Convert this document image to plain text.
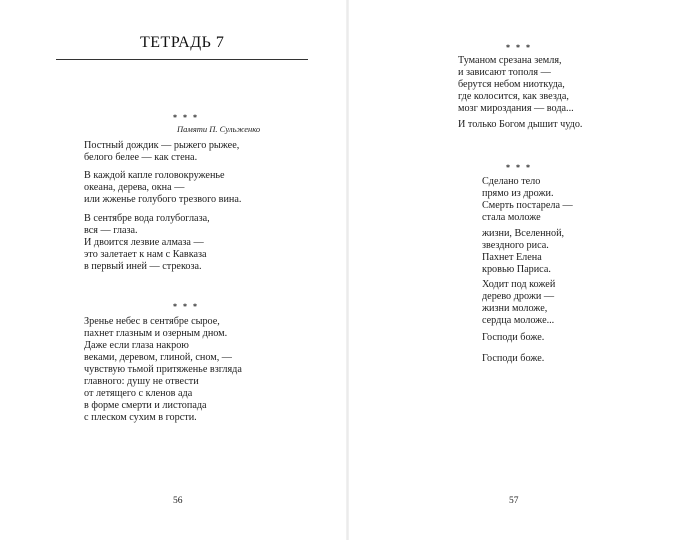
ТЕТРАДЬ 7
* * *
Памяти П. Сульженко

Постный дождик — рыжего рыжее,
белого белее — как стена.

В каждой капле головокруженье
океана, дерева, окна —
или жженье голубого трезвого вина.

В сентябре вода голубоглаза,
вся — глаза.
И двоится лезвие алмаза —
это залетает к нам с Кавказа
в первый иней — стрекоза.

* * *

Зренье небес в сентябре сырое,
пахнет глазным и озерным дном.
Даже если глаза накрою
веками, деревом, глиной, сном, —
чувствую тьмой притяженье взгляда
главного: душу не отвести
от летящего с кленов ада
в форме смерти и листопада
с плеском сухим в горсти.

56
* * *

Туманом срезана земля,
и зависают тополя —
берутся небом ниоткуда,
где колосится, как звезда,
мозг мироздания — вода...

И только Богом дышит чудо.

* * *

Сделано тело
прямо из дрожи.
Смерть постарела —
стала моложе

жизни, Вселенной,
звездного риса.
Пахнет Елена
кровью Париса.

Ходит под кожей
дерево дрожи —
жизни моложе,
сердца моложе...

Господи боже.

Господи боже.

57
